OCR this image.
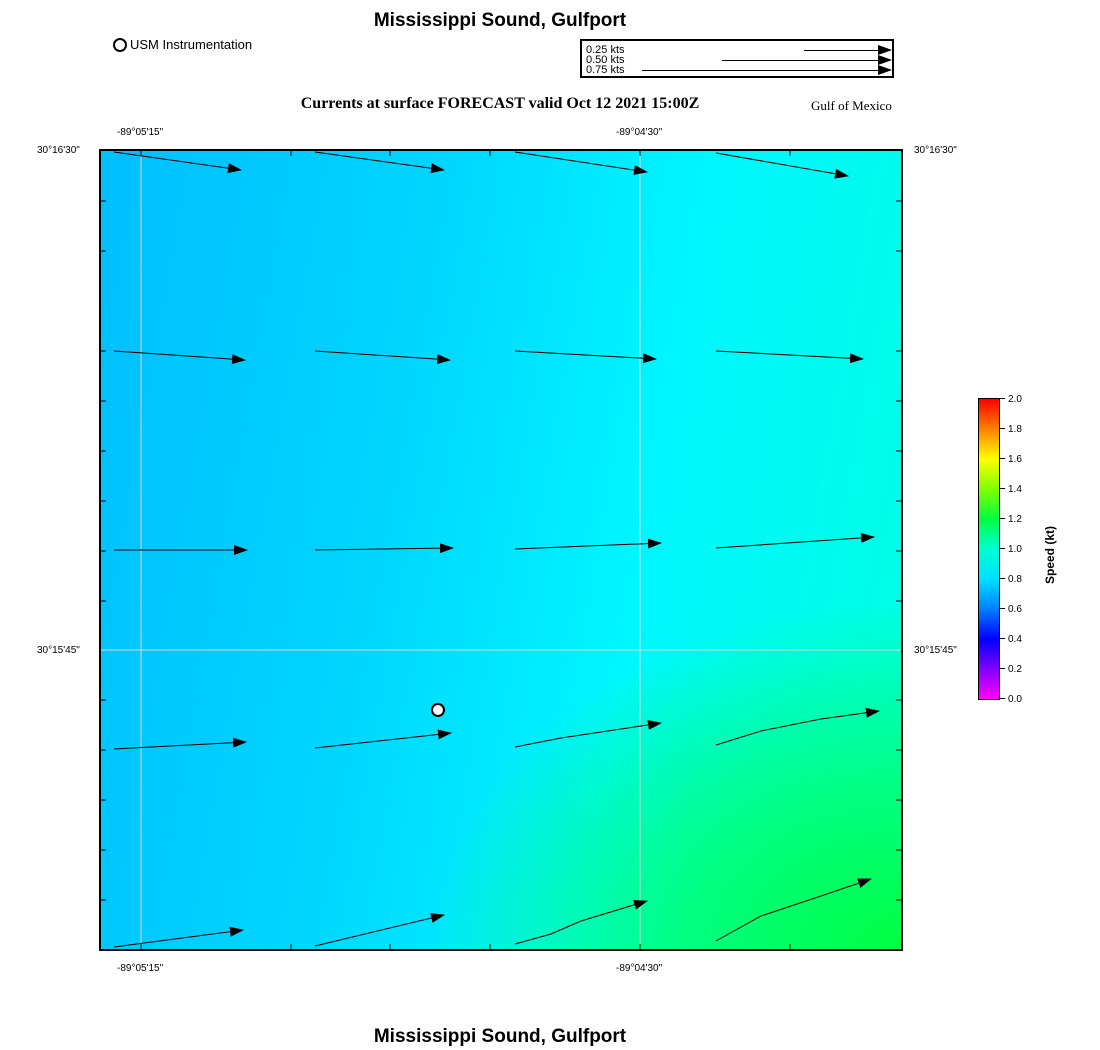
Mississippi Sound, Gulfport
USM Instrumentation	0.25 kts
0.50 kts
0.75 kts
Currents at surface FORECAST valid Oct 12 2021 15:00Z	Gulf of Mexico
-89°05'15"	-89°04'30"
-89°05'15"	-89°04'30"
30°16'30"
30°15'45"
30°16'30"
30°15'45"
2.0
1.8
1.6
1.4
1.2
1.0
0.8
0.6
0.4
0.2
0.0
Speed (kt)
Mississippi Sound, Gulfport
